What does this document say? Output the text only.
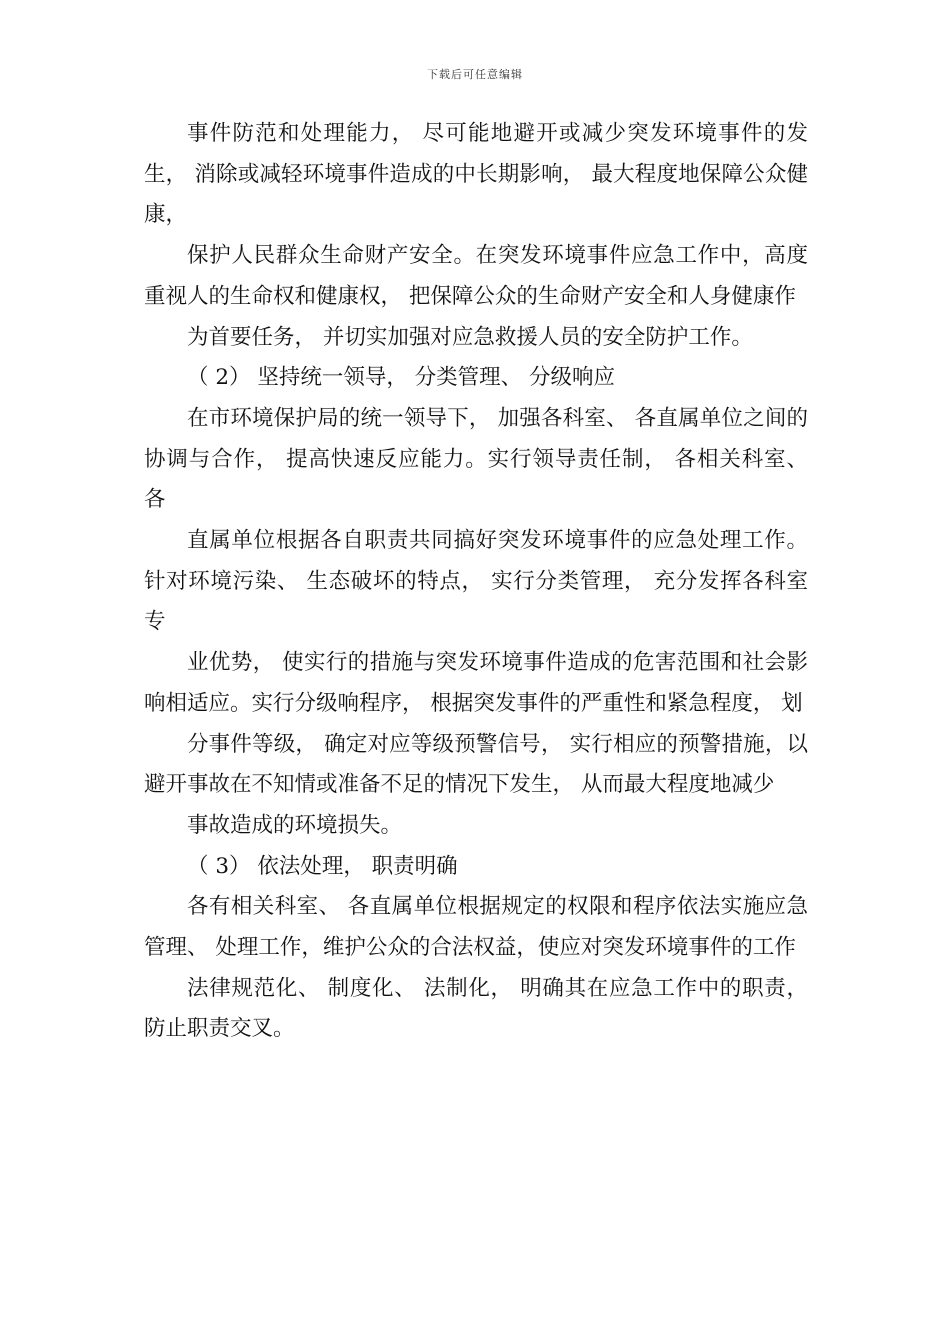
下载后可任意编辑

事件防范和处理能力， 尽可能地避开或减少突发环境事件的发生， 消除或减轻环境事件造成的中长期影响， 最大程度地保障公众健康，

保护人民群众生命财产安全。在突发环境事件应急工作中，高度重视人的生命权和健康权， 把保障公众的生命财产安全和人身健康作

为首要任务， 并切实加强对应急救援人员的安全防护工作。

（ 2） 坚持统一领导， 分类管理、 分级响应

在市环境保护局的统一领导下， 加强各科室、 各直属单位之间的协调与合作， 提高快速反应能力。实行领导责任制， 各相关科室、 各

直属单位根据各自职责共同搞好突发环境事件的应急处理工作。针对环境污染、 生态破坏的特点， 实行分类管理， 充分发挥各科室专

业优势， 使实行的措施与突发环境事件造成的危害范围和社会影响相适应。实行分级响程序， 根据突发事件的严重性和紧急程度， 划

分事件等级， 确定对应等级预警信号， 实行相应的预警措施，以避开事故在不知情或准备不足的情况下发生， 从而最大程度地减少

事故造成的环境损失。

（ 3） 依法处理， 职责明确

各有相关科室、 各直属单位根据规定的权限和程序依法实施应急管理、 处理工作，维护公众的合法权益，使应对突发环境事件的工作

法律规范化、 制度化、 法制化， 明确其在应急工作中的职责， 防止职责交叉。
